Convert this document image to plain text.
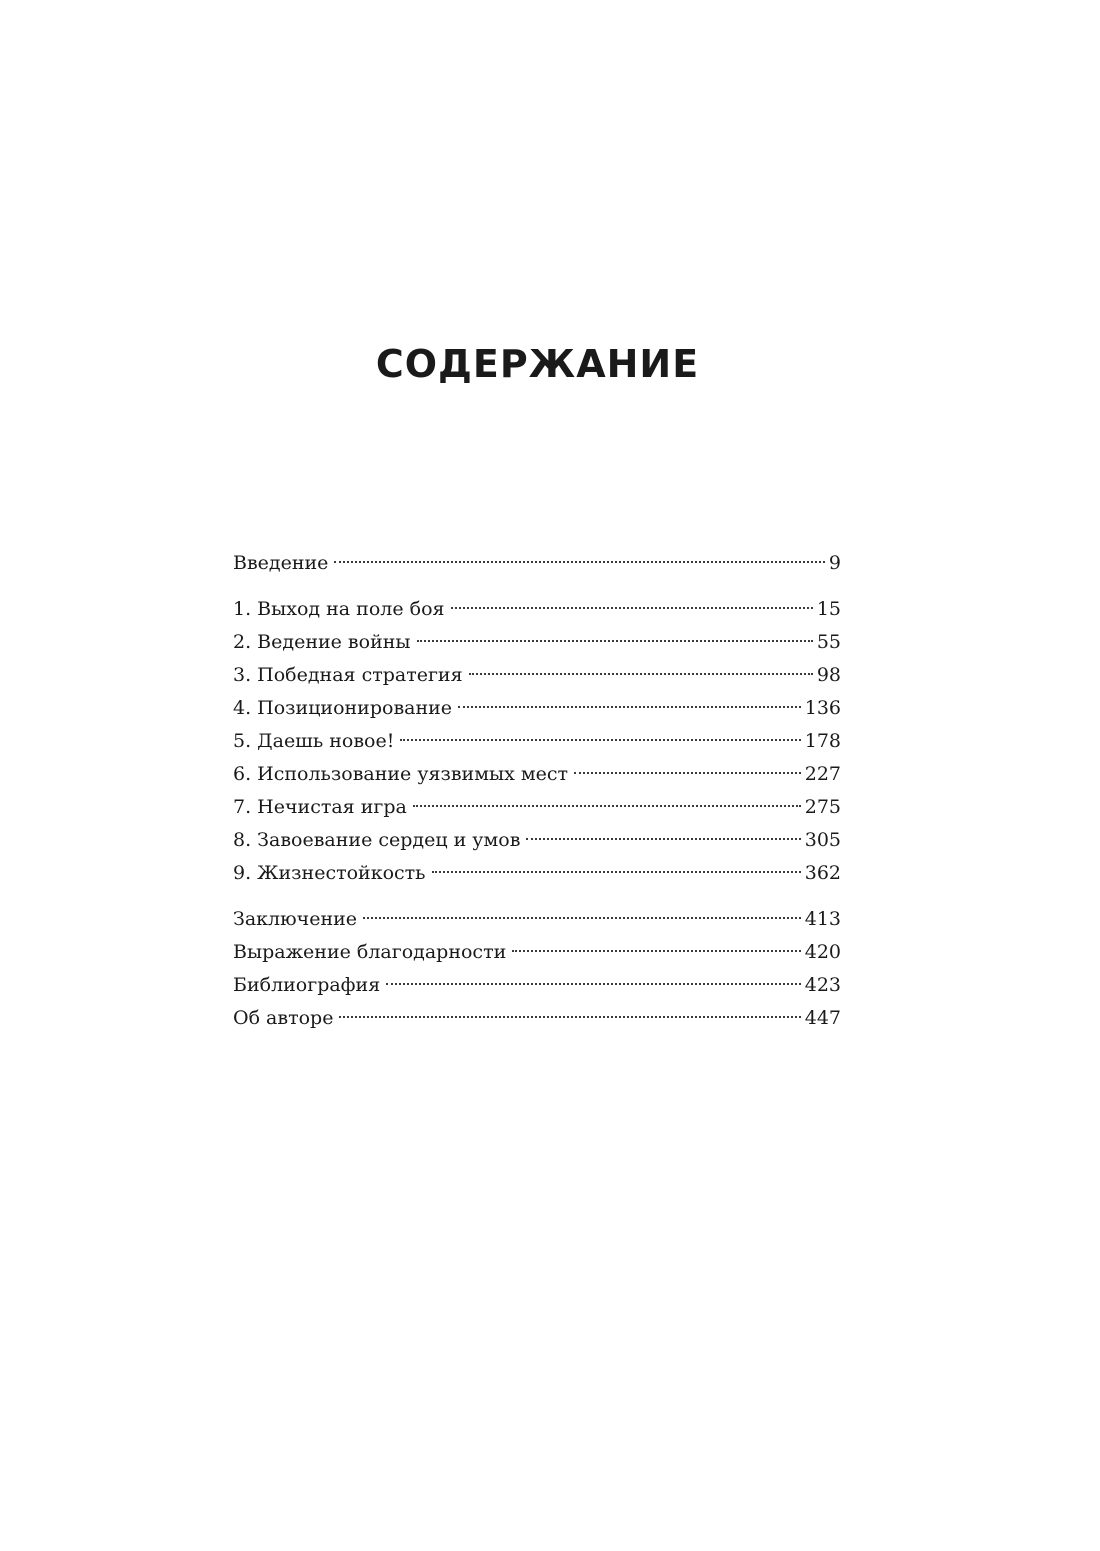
СОДЕРЖАНИЕ
Введение	9
1. Выход на поле боя	15
2. Ведение войны	55
3. Победная стратегия	98
4. Позиционирование	136
5. Даешь новое!	178
6. Использование уязвимых мест	227
7. Нечистая игра	275
8. Завоевание сердец и умов	305
9. Жизнестойкость	362
Заключение	413
Выражение благодарности	420
Библиография	423
Об авторе	447
